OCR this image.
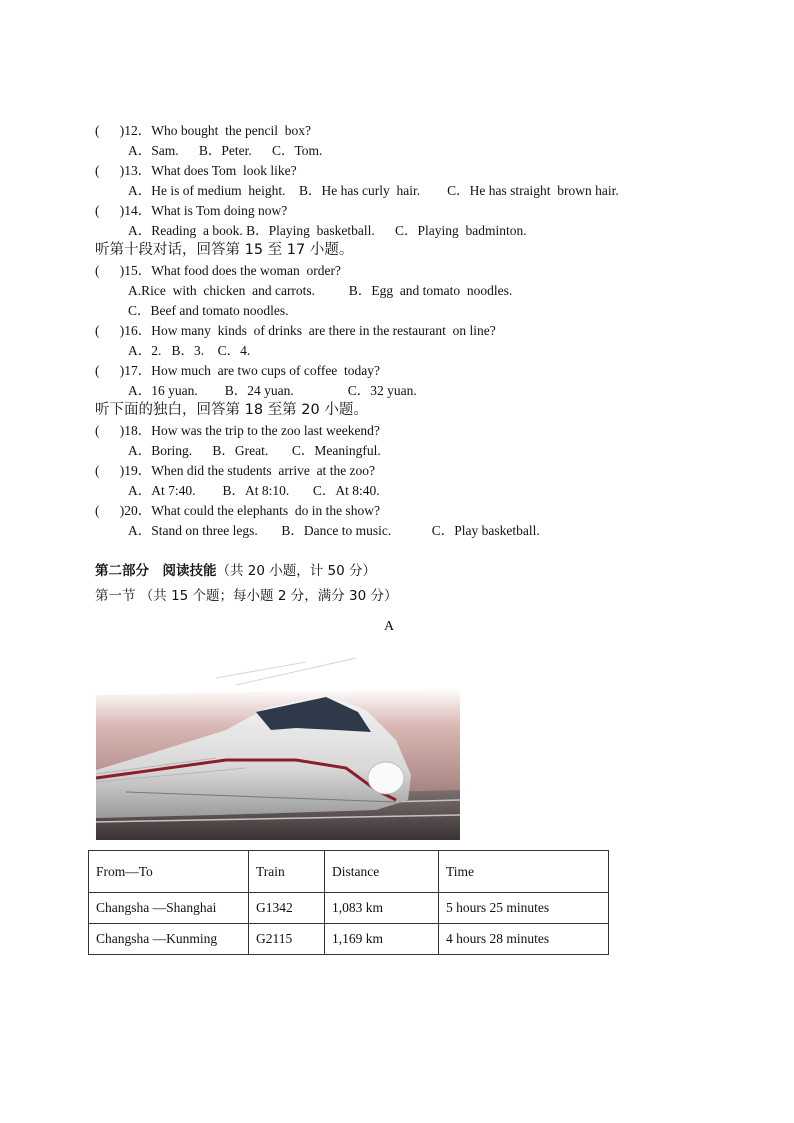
(      )12．Who bought  the pencil  box?
A．Sam.      B．Peter.      C．Tom.
(      )13．What does Tom  look like?
A．He is of medium  height.    B．He has curly  hair.        C．He has straight  brown hair.
(      )14．What is Tom doing now?
A．Reading  a book. B．Playing  basketball.      C．Playing  badminton.
听第十段对话，回答第 15 至 17 小题。
(      )15．What food does the woman  order?
A.Rice  with  chicken  and carrots.          B．Egg  and tomato  noodles.
C．Beef and tomato noodles.
(      )16．How many  kinds  of drinks  are there in the restaurant  on line?
A．2.   B．3.    C．4.
(      )17．How much  are two cups of coffee  today?
A．16 yuan.        B．24 yuan.                C．32 yuan.
听下面的独白，回答第 18 至第 20 小题。
(      )18．How was the trip to the zoo last weekend?
A．Boring.      B．Great.       C．Meaningful.
(      )19．When did the students  arrive  at the zoo?
A．At 7:40.        B．At 8:10.       C．At 8:40.
(      )20．What could the elephants  do in the show?
A．Stand on three legs.       B．Dance to music.            C．Play basketball.
第二部分　阅读技能（共 20 小题，计 50 分）
第一节 （共 15 个题；每小题 2 分，满分 30 分）
A
From—To	Train	Distance	Time
Changsha —Shanghai	G1342	1,083 km	5 hours 25 minutes
Changsha —Kunming	G2115	1,169 km	4 hours 28 minutes
